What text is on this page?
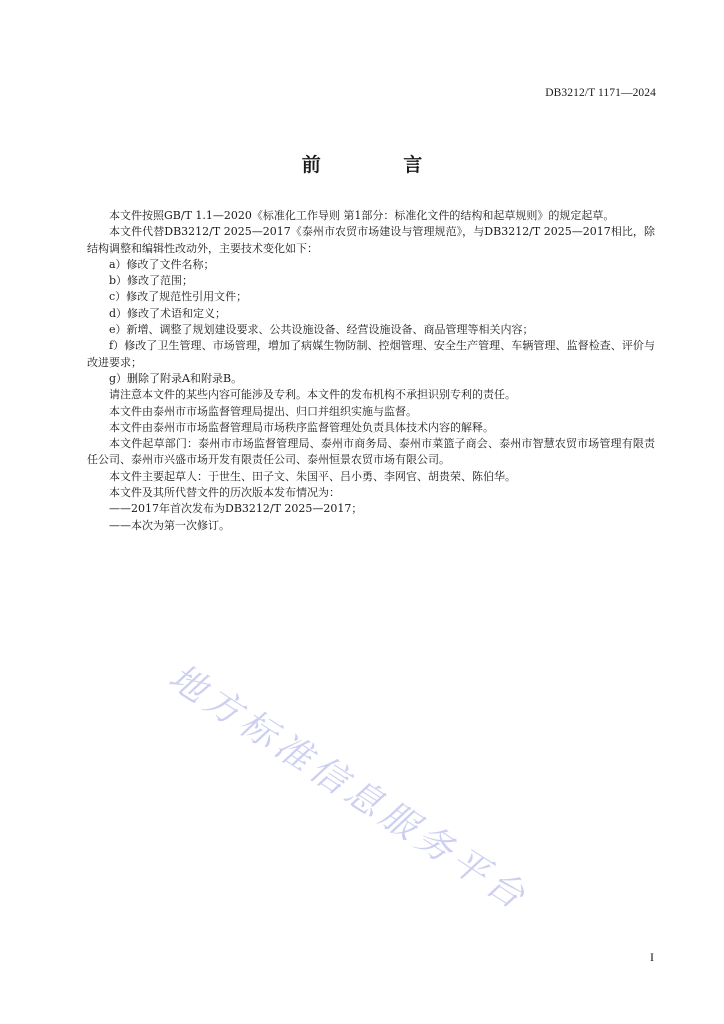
DB3212/T 1171—2024
前 言

本文件按照GB/T 1.1—2020《标准化工作导则 第1部分：标准化文件的结构和起草规则》的规定起草。

本文件代替DB3212/T 2025—2017《泰州市农贸市场建设与管理规范》，与DB3212/T 2025—2017相比，除结构调整和编辑性改动外，主要技术变化如下：

a）修改了文件名称；

b）修改了范围；

c）修改了规范性引用文件；

d）修改了术语和定义；

e）新增、调整了规划建设要求、公共设施设备、经营设施设备、商品管理等相关内容；

f）修改了卫生管理、市场管理，增加了病媒生物防制、控烟管理、安全生产管理、车辆管理、监督检查、评价与改进要求；

g）删除了附录A和附录B。

请注意本文件的某些内容可能涉及专利。本文件的发布机构不承担识别专利的责任。

本文件由泰州市市场监督管理局提出、归口并组织实施与监督。

本文件由泰州市市场监督管理局市场秩序监督管理处负责具体技术内容的解释。

本文件起草部门：泰州市市场监督管理局、泰州市商务局、泰州市菜篮子商会、泰州市智慧农贸市场管理有限责任公司、泰州市兴盛市场开发有限责任公司、泰州恒景农贸市场有限公司。

本文件主要起草人：于世生、田子文、朱国平、吕小勇、李网官、胡贵荣、陈伯华。

本文件及其所代替文件的历次版本发布情况为：

——2017年首次发布为DB3212/T 2025—2017；

——本次为第一次修订。

地方标准信息服务平台
I
